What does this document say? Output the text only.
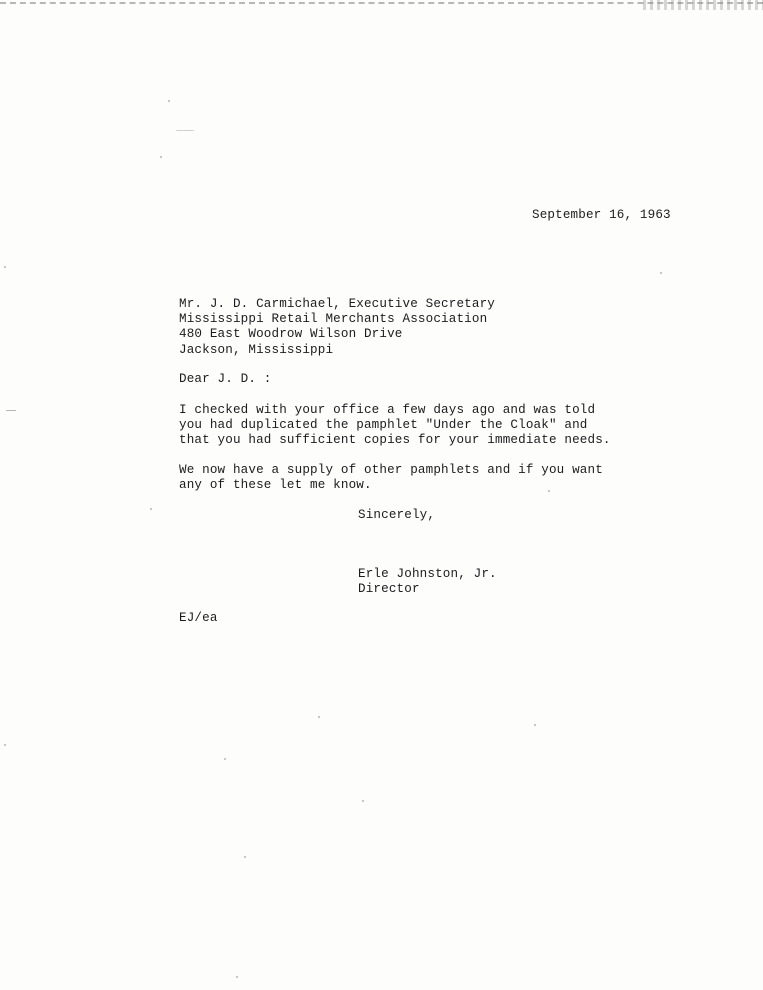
September 16, 1963
Mr. J. D. Carmichael, Executive Secretary
Mississippi Retail Merchants Association
480 East Woodrow Wilson Drive
Jackson, Mississippi
Dear J. D. :
I checked with your office a few days ago and was told
you had duplicated the pamphlet "Under the Cloak" and
that you had sufficient copies for your immediate needs.
We now have a supply of other pamphlets and if you want
any of these let me know.
Sincerely,
Erle Johnston, Jr.
Director
EJ/ea
